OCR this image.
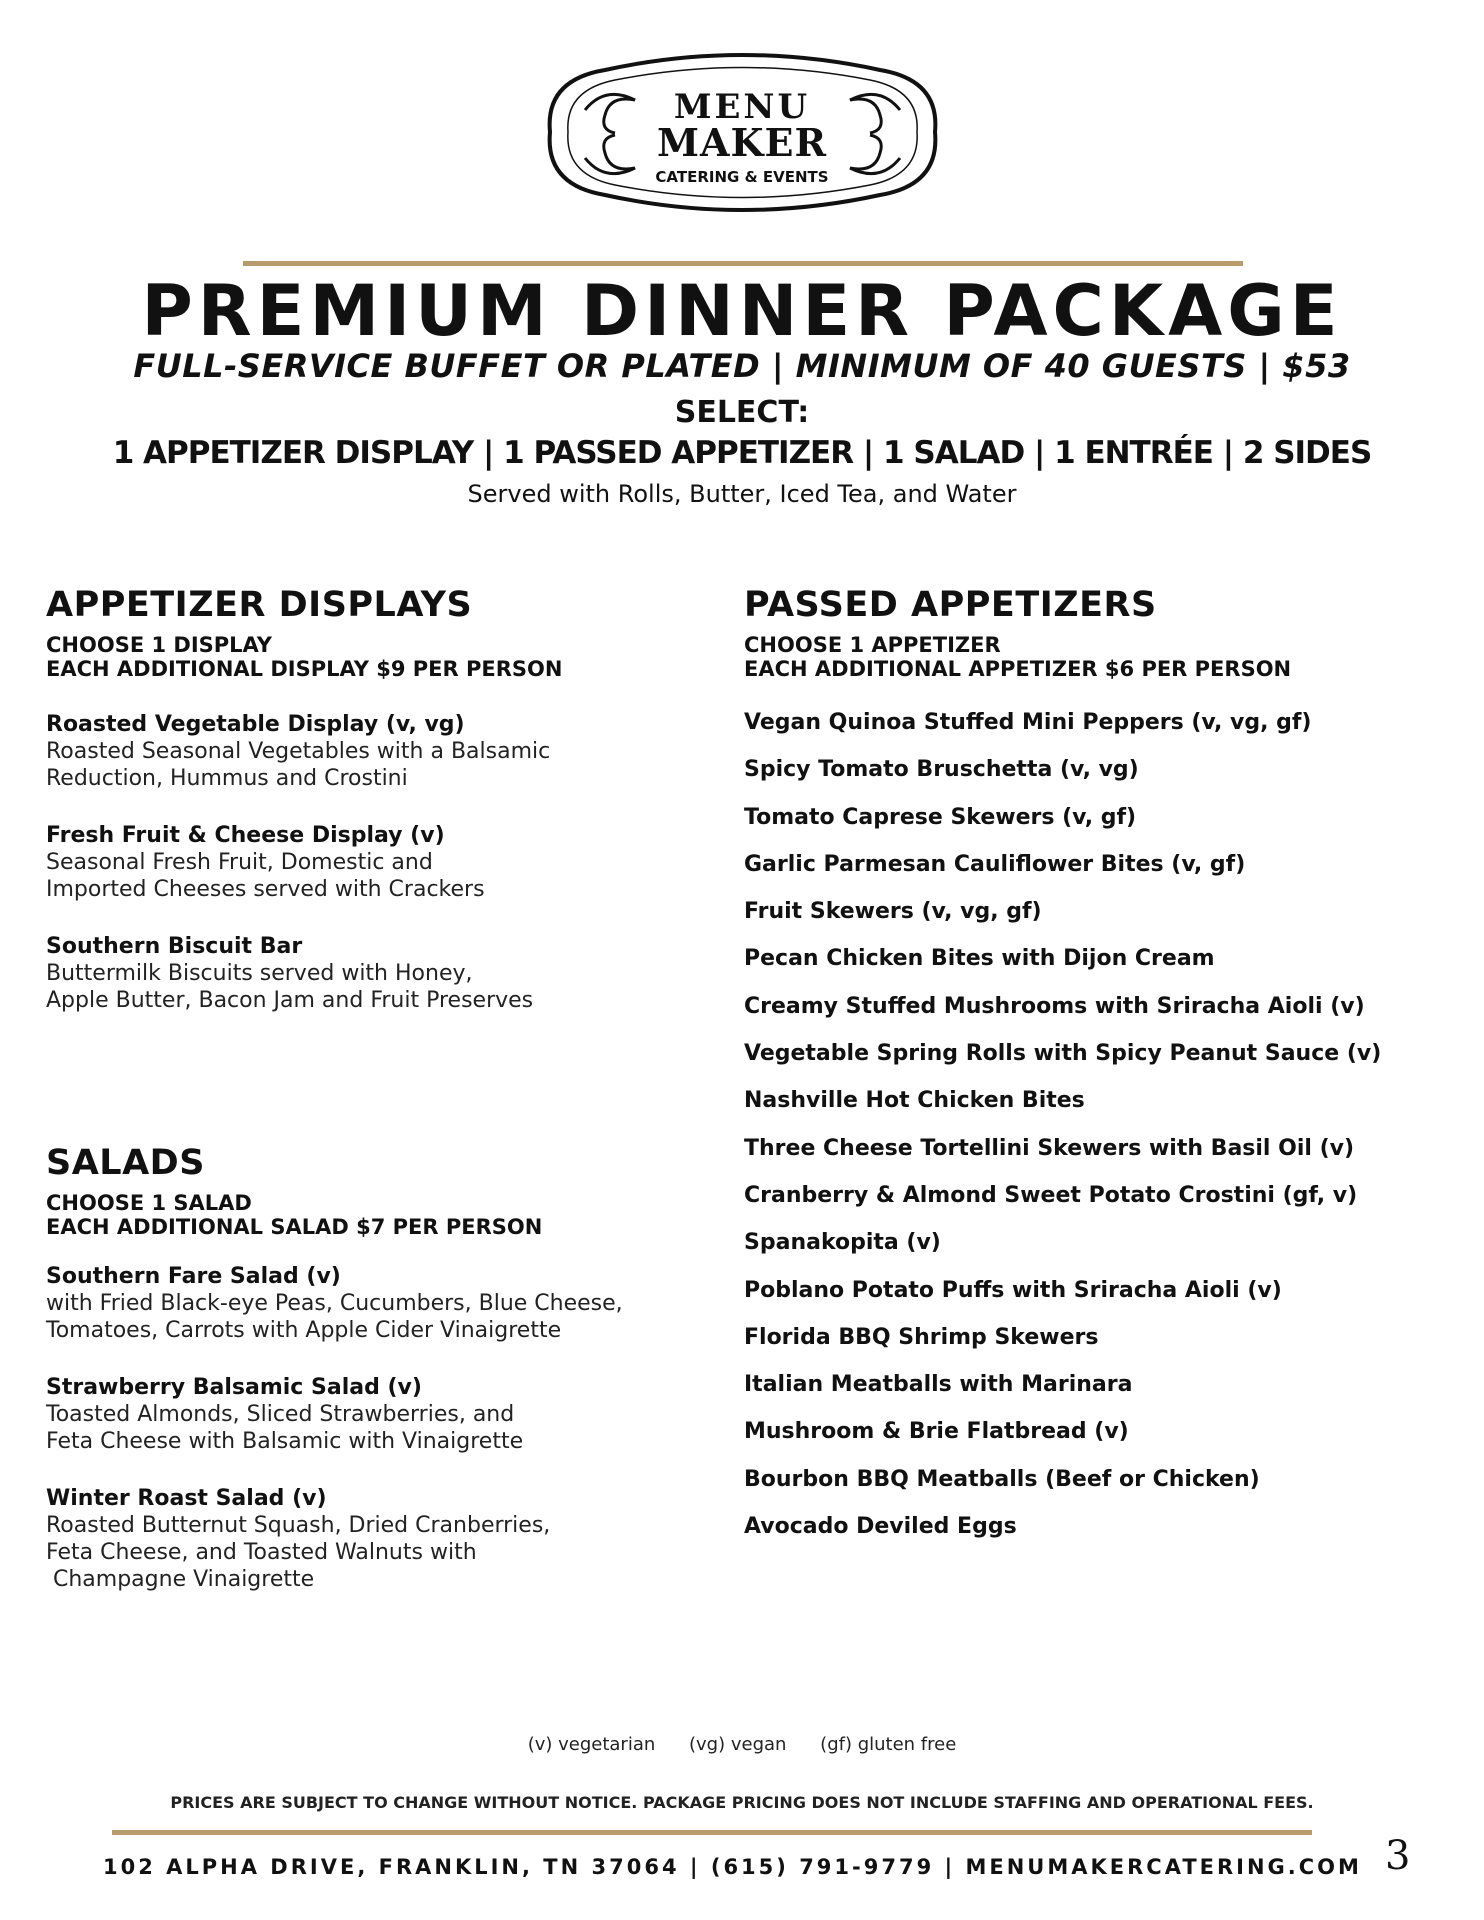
MENU
MAKER
CATERING & EVENTS
PREMIUM DINNER PACKAGE
FULL-SERVICE BUFFET OR PLATED | MINIMUM OF 40 GUESTS | $53
SELECT:
1 APPETIZER DISPLAY | 1 PASSED APPETIZER | 1 SALAD | 1 ENTRÉE | 2 SIDES
Served with Rolls, Butter, Iced Tea, and Water
APPETIZER DISPLAYS
CHOOSE 1 DISPLAY
EACH ADDITIONAL DISPLAY $9 PER PERSON
Roasted Vegetable Display (v, vg)
Roasted Seasonal Vegetables with a Balsamic
Reduction, Hummus and Crostini
Fresh Fruit & Cheese Display (v)
Seasonal Fresh Fruit, Domestic and
Imported Cheeses served with Crackers
Southern Biscuit Bar
Buttermilk Biscuits served with Honey,
Apple Butter, Bacon Jam and Fruit Preserves
SALADS
CHOOSE 1 SALAD
EACH ADDITIONAL SALAD $7 PER PERSON
Southern Fare Salad (v)
with Fried Black-eye Peas, Cucumbers, Blue Cheese,
Tomatoes, Carrots with Apple Cider Vinaigrette
Strawberry Balsamic Salad (v)
Toasted Almonds, Sliced Strawberries, and
Feta Cheese with Balsamic with Vinaigrette
Winter Roast Salad (v)
Roasted Butternut Squash, Dried Cranberries,
Feta Cheese, and Toasted Walnuts with
Champagne Vinaigrette
PASSED APPETIZERS
CHOOSE 1 APPETIZER
EACH ADDITIONAL APPETIZER $6 PER PERSON
Vegan Quinoa Stuffed Mini Peppers (v, vg, gf)
Spicy Tomato Bruschetta (v, vg)
Tomato Caprese Skewers (v, gf)
Garlic Parmesan Cauliflower Bites (v, gf)
Fruit Skewers (v, vg, gf)
Pecan Chicken Bites with Dijon Cream
Creamy Stuffed Mushrooms with Sriracha Aioli (v)
Vegetable Spring Rolls with Spicy Peanut Sauce (v)
Nashville Hot Chicken Bites
Three Cheese Tortellini Skewers with Basil Oil (v)
Cranberry & Almond Sweet Potato Crostini (gf, v)
Spanakopita (v)
Poblano Potato Puffs with Sriracha Aioli (v)
Florida BBQ Shrimp Skewers
Italian Meatballs with Marinara
Mushroom & Brie Flatbread (v)
Bourbon BBQ Meatballs (Beef or Chicken)
Avocado Deviled Eggs
(v) vegetarian (vg) vegan (gf) gluten free
PRICES ARE SUBJECT TO CHANGE WITHOUT NOTICE. PACKAGE PRICING DOES NOT INCLUDE STAFFING AND OPERATIONAL FEES.
102 ALPHA DRIVE, FRANKLIN, TN 37064 | (615) 791-9779 | MENUMAKERCATERING.COM 3
